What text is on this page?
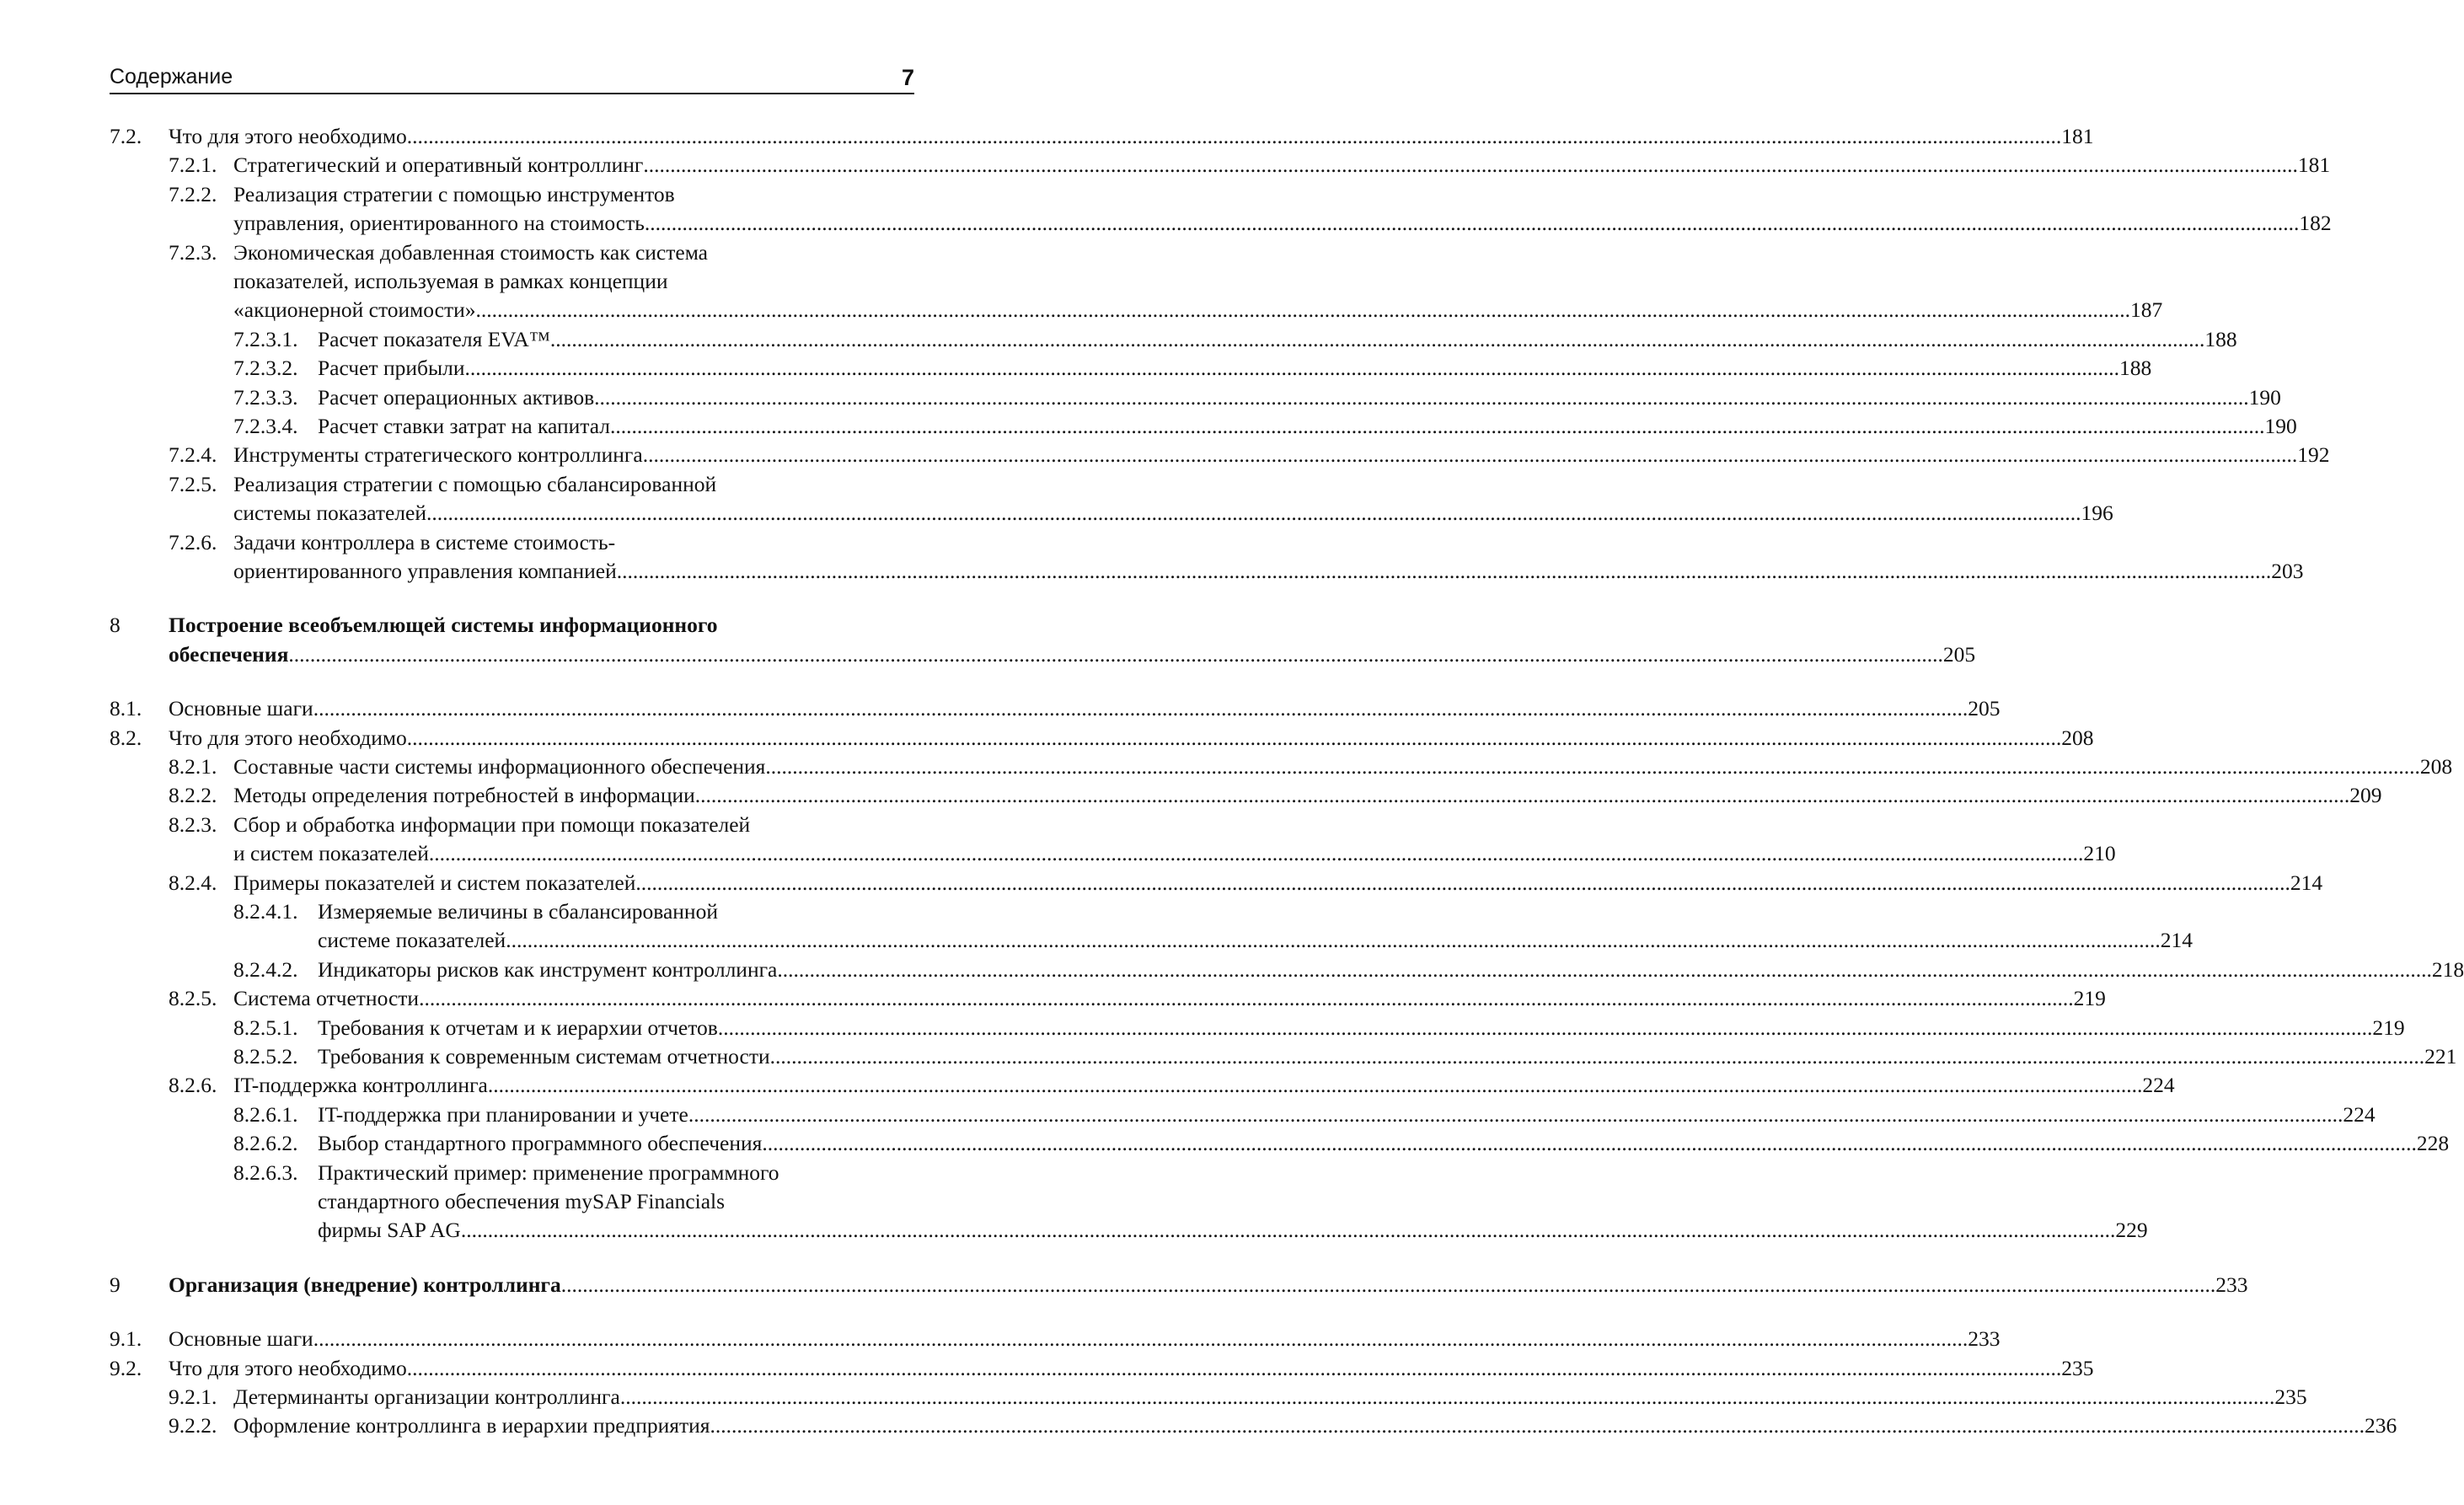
Содержание	7
7.2. Что для этого необходимо .....	181
7.2.1. Стратегический и оперативный контроллинг .....	181
7.2.2. Реализация стратегии с помощью инструментов
управления, ориентированного на стоимость .....	182
7.2.3. Экономическая добавленная стоимость как система
показателей, используемая в рамках концепции
«акционерной стоимости» .....	187
7.2.3.1. Расчет показателя EVA™ .....	188
7.2.3.2. Расчет прибыли .....	188
7.2.3.3. Расчет операционных активов .....	190
7.2.3.4. Расчет ставки затрат на капитал .....	190
7.2.4. Инструменты стратегического контроллинга .....	192
7.2.5. Реализация стратегии с помощью сбалансированной
системы показателей .....	196
7.2.6. Задачи контроллера в системе стоимость-
ориентированного управления компанией .....	203
8 Построение всеобъемлющей системы информационного
обеспечения .....	205
8.1. Основные шаги .....	205
8.2. Что для этого необходимо .....	208
8.2.1. Составные части системы информационного обеспечения .....	208
8.2.2. Методы определения потребностей в информации .....	209
8.2.3. Сбор и обработка информации при помощи показателей
и систем показателей .....	210
8.2.4. Примеры показателей и систем показателей .....	214
8.2.4.1. Измеряемые величины в сбалансированной
системе показателей .....	214
8.2.4.2. Индикаторы рисков как инструмент контроллинга .....	218
8.2.5. Система отчетности .....	219
8.2.5.1. Требования к отчетам и к иерархии отчетов .....	219
8.2.5.2. Требования к современным системам отчетности .....	221
8.2.6. IT-поддержка контроллинга .....	224
8.2.6.1. IT-поддержка при планировании и учете .....	224
8.2.6.2. Выбор стандартного программного обеспечения .....	228
8.2.6.3. Практический пример: применение программного
стандартного обеспечения mySAP Financials
фирмы SAP AG .....	229
9 Организация (внедрение) контроллинга .....	233
9.1. Основные шаги .....	233
9.2. Что для этого необходимо .....	235
9.2.1. Детерминанты организации контроллинга .....	235
9.2.2. Оформление контроллинга в иерархии предприятия .....	236
